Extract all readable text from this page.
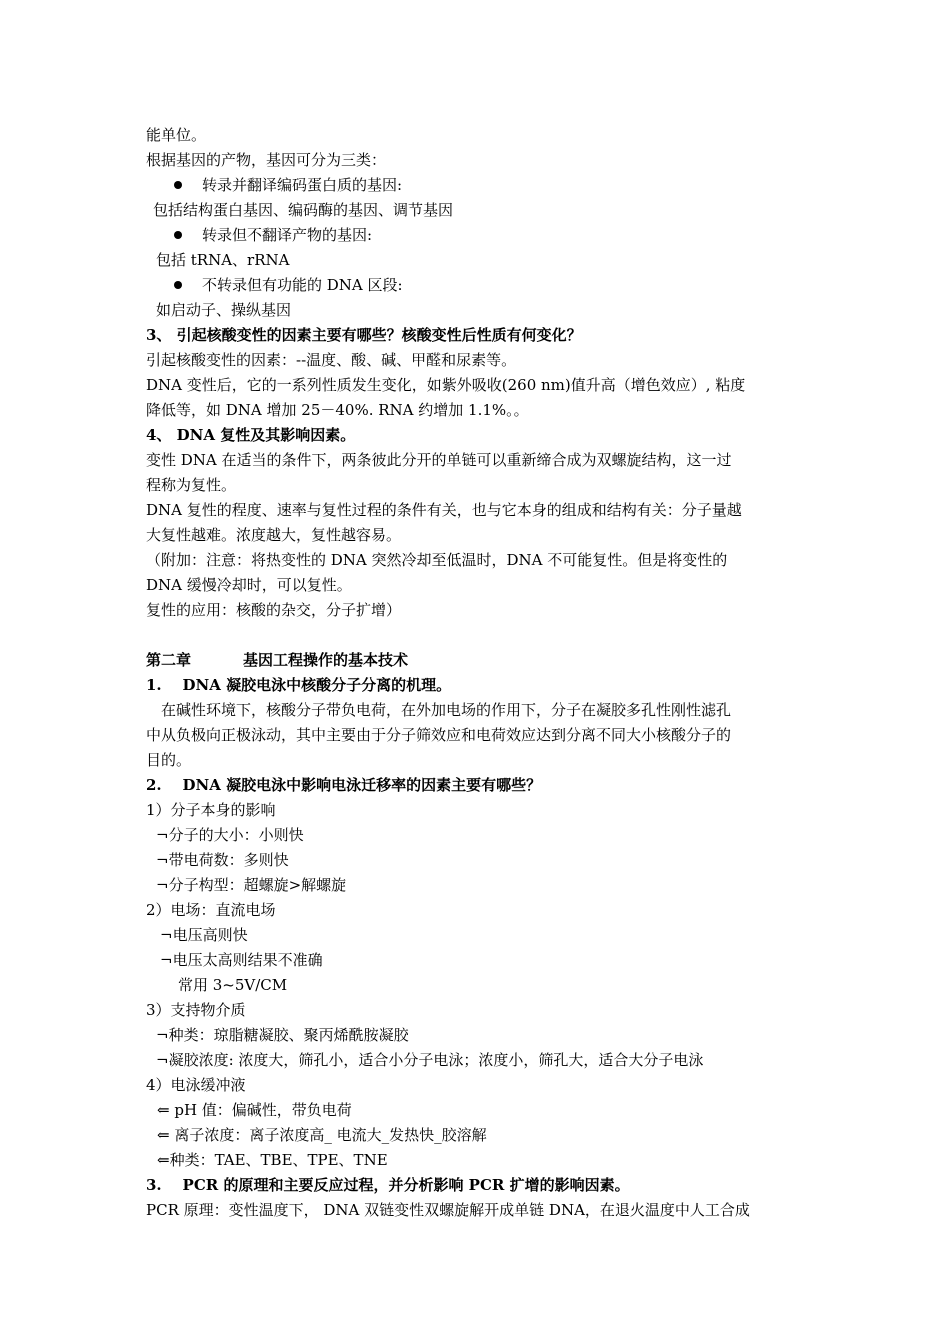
能单位。
根据基因的产物，基因可分为三类：
转录并翻译编码蛋白质的基因:
包括结构蛋白基因、编码酶的基因、调节基因
转录但不翻译产物的基因:
包括 tRNA、rRNA
不转录但有功能的 DNA 区段:
如启动子、操纵基因
3、 引起核酸变性的因素主要有哪些？核酸变性后性质有何变化？
引起核酸变性的因素：--温度、酸、碱、甲醛和尿素等。
DNA 变性后，它的一系列性质发生变化，如紫外吸收(260 nm)值升高（增色效应）, 粘度
降低等，如 DNA 增加 25－40%. RNA 约增加 1.1%。。
4、 DNA 复性及其影响因素。
变性 DNA 在适当的条件下，两条彼此分开的单链可以重新缔合成为双螺旋结构，这一过
程称为复性。
DNA 复性的程度、速率与复性过程的条件有关，也与它本身的组成和结构有关：分子量越
大复性越难。浓度越大，复性越容易。
（附加：注意：将热变性的 DNA 突然冷却至低温时，DNA 不可能复性。但是将变性的
DNA 缓慢冷却时，可以复性。
复性的应用：核酸的杂交，分子扩增）
第二章	基因工程操作的基本技术
1.    DNA 凝胶电泳中核酸分子分离的机理。
在碱性环境下，核酸分子带负电荷，在外加电场的作用下，分子在凝胶多孔性刚性滤孔
中从负极向正极泳动，其中主要由于分子筛效应和电荷效应达到分离不同大小核酸分子的
目的。
2.    DNA 凝胶电泳中影响电泳迁移率的因素主要有哪些？
1）分子本身的影响
¬分子的大小：小则快
¬带电荷数：多则快
¬分子构型：超螺旋>解螺旋
2）电场：直流电场
¬电压高则快
¬电压太高则结果不准确
常用 3~5V/CM
3）支持物介质
¬种类：琼脂糖凝胶、聚丙烯酰胺凝胶
¬凝胶浓度: 浓度大，筛孔小，适合小分子电泳；浓度小，筛孔大，适合大分子电泳
4）电泳缓冲液
⇐ pH 值：偏碱性，带负电荷
⇐ 离子浓度：离子浓度高_ 电流大_发热快_胶溶解
⇐种类：TAE、TBE、TPE、TNE
3.    PCR 的原理和主要反应过程，并分析影响 PCR 扩增的影响因素。
PCR 原理：变性温度下， DNA 双链变性双螺旋解开成单链 DNA，在退火温度中人工合成
